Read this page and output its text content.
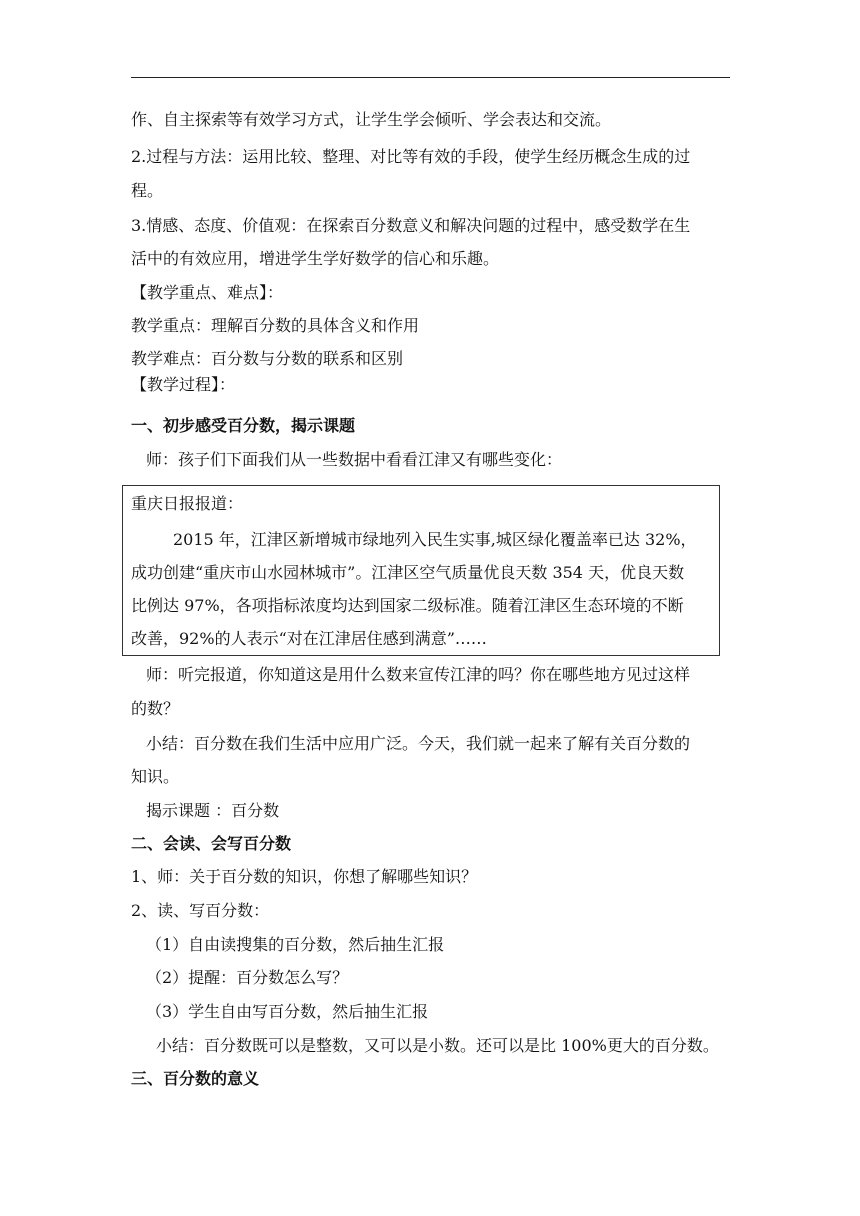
作、自主探索等有效学习方式，让学生学会倾听、学会表达和交流。
2.过程与方法：运用比较、整理、对比等有效的手段，使学生经历概念生成的过
程。
3.情感、态度、价值观：在探索百分数意义和解决问题的过程中，感受数学在生
活中的有效应用，增进学生学好数学的信心和乐趣。
【教学重点、难点】：
教学重点：理解百分数的具体含义和作用
教学难点：百分数与分数的联系和区别
【教学过程】：
一、初步感受百分数，揭示课题
师：孩子们下面我们从一些数据中看看江津又有哪些变化：
重庆日报报道：
2015 年，江津区新增城市绿地列入民生实事,城区绿化覆盖率已达 32%，
成功创建“重庆市山水园林城市”。江津区空气质量优良天数 354 天，优良天数
比例达 97%，各项指标浓度均达到国家二级标准。随着江津区生态环境的不断
改善，92%的人表示“对在江津居住感到满意”……
师：听完报道，你知道这是用什么数来宣传江津的吗？你在哪些地方见过这样
的数？
小结：百分数在我们生活中应用广泛。今天，我们就一起来了解有关百分数的
知识。
揭示课题 ：百分数
二、会读、会写百分数
1、师：关于百分数的知识，你想了解哪些知识？
2、读、写百分数：
（1）自由读搜集的百分数，然后抽生汇报
（2）提醒：百分数怎么写？
（3）学生自由写百分数，然后抽生汇报
小结：百分数既可以是整数，又可以是小数。还可以是比 100%更大的百分数。
三、百分数的意义
